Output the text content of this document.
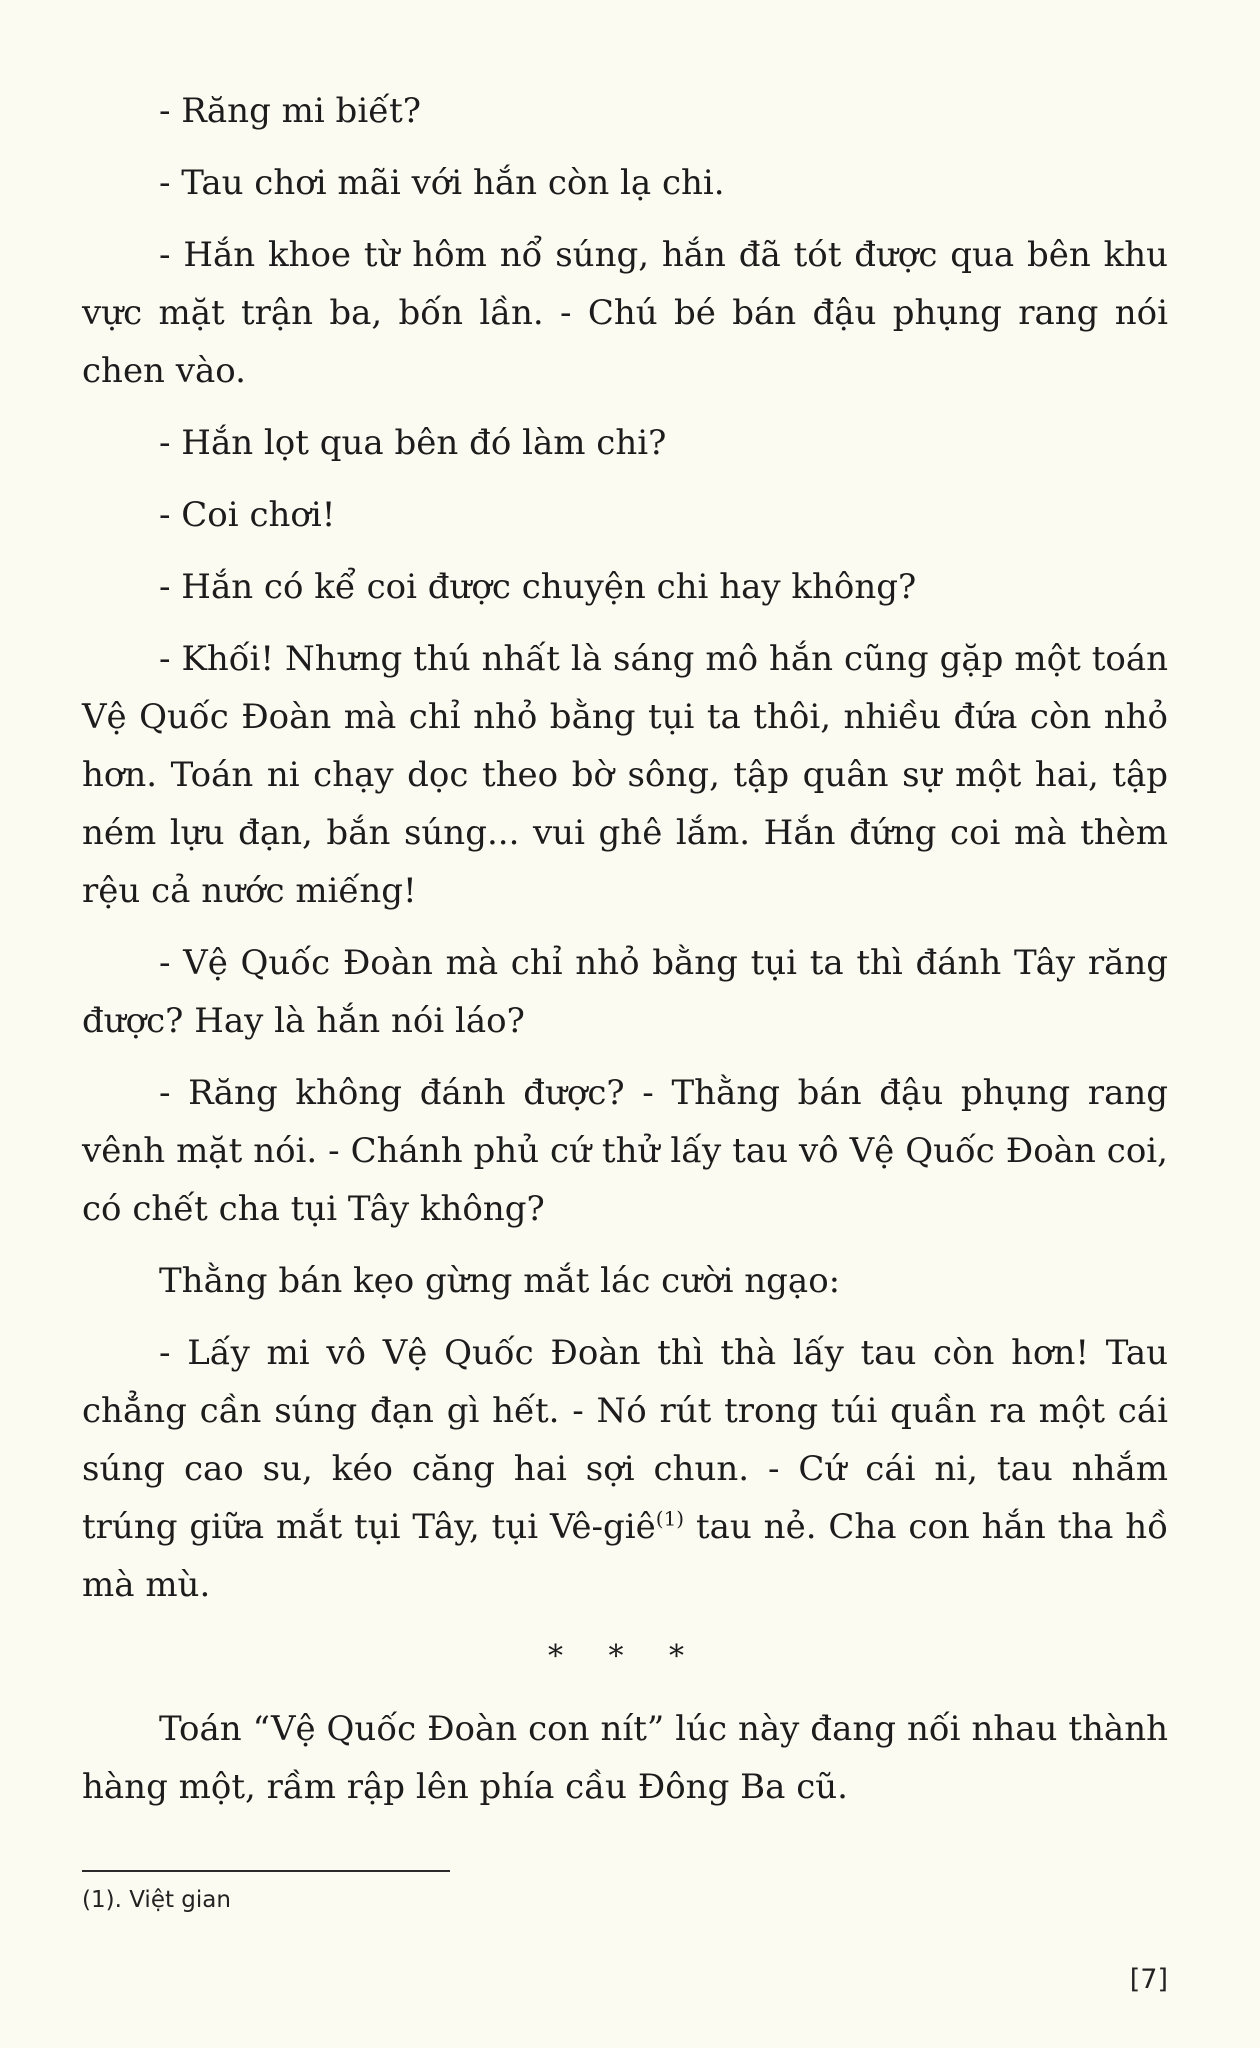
- Răng mi biết?

- Tau chơi mãi với hắn còn lạ chi.

- Hắn khoe từ hôm nổ súng, hắn đã tót được qua bên khu vực mặt trận ba, bốn lần. - Chú bé bán đậu phụng rang nói chen vào.

- Hắn lọt qua bên đó làm chi?

- Coi chơi!

- Hắn có kể coi được chuyện chi hay không?

- Khối! Nhưng thú nhất là sáng mô hắn cũng gặp một toán Vệ Quốc Đoàn mà chỉ nhỏ bằng tụi ta thôi, nhiều đứa còn nhỏ hơn. Toán ni chạy dọc theo bờ sông, tập quân sự một hai, tập ném lựu đạn, bắn súng... vui ghê lắm. Hắn đứng coi mà thèm rệu cả nước miếng!

- Vệ Quốc Đoàn mà chỉ nhỏ bằng tụi ta thì đánh Tây răng được? Hay là hắn nói láo?

- Răng không đánh được? - Thằng bán đậu phụng rang vênh mặt nói. - Chánh phủ cứ thử lấy tau vô Vệ Quốc Đoàn coi, có chết cha tụi Tây không?

Thằng bán kẹo gừng mắt lác cười ngạo:

- Lấy mi vô Vệ Quốc Đoàn thì thà lấy tau còn hơn! Tau chẳng cần súng đạn gì hết. - Nó rút trong túi quần ra một cái súng cao su, kéo căng hai sợi chun. - Cứ cái ni, tau nhắm trúng giữa mắt tụi Tây, tụi Vê-giê$^{(1)}$ tau nẻ. Cha con hắn tha hồ mà mù.

* * *

Toán “Vệ Quốc Đoàn con nít” lúc này đang nối nhau thành hàng một, rầm rập lên phía cầu Đông Ba cũ.

(1). Việt gian
[7]
